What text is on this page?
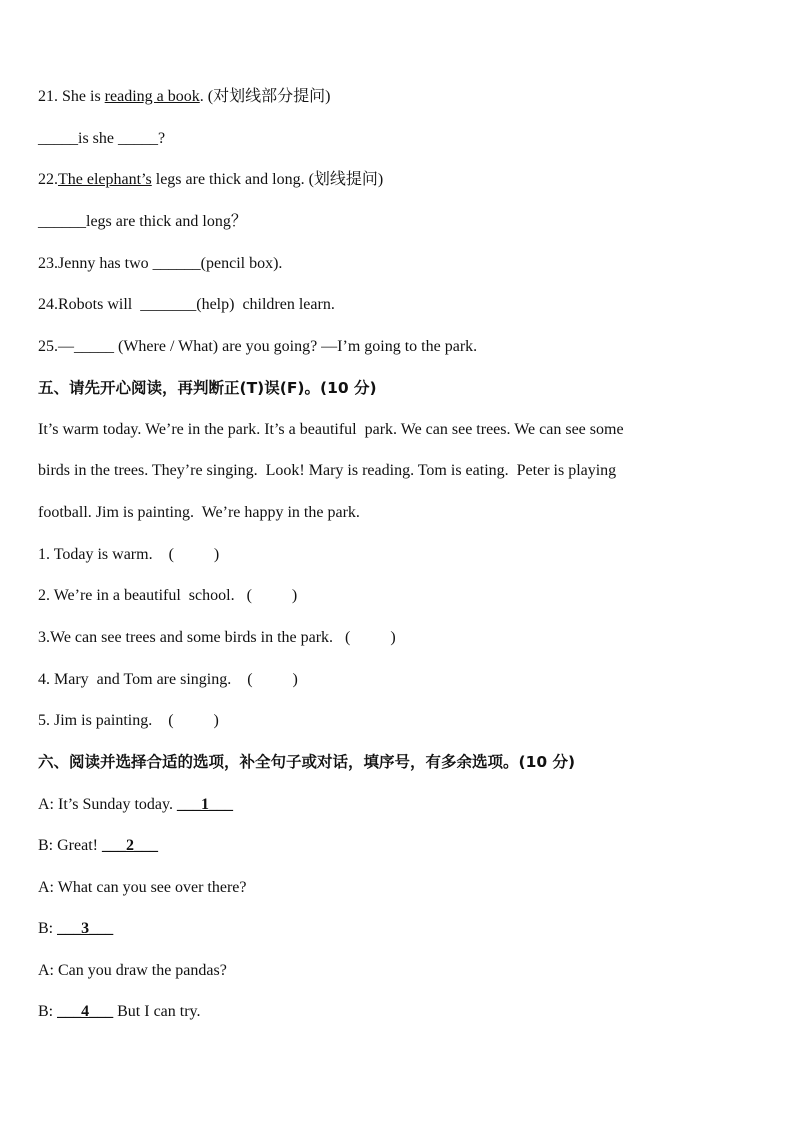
21. She is reading a book. (对划线部分提问)
_____is she _____?
22.The elephant’s legs are thick and long. (划线提问)
______legs are thick and long？
23.Jenny has two ______(pencil box).
24.Robots will  _______(help)  children learn.
25.—_____ (Where / What) are you going? —I’m going to the park.
五、请先开心阅读，再判断正(T)误(F)。(10 分)
It’s warm today. We’re in the park. It’s a beautiful  park. We can see trees. We can see some
birds in the trees. They’re singing.  Look! Mary is reading. Tom is eating.  Peter is playing
football. Jim is painting.  We’re happy in the park.
1. Today is warm.    (          )
2. We’re in a beautiful  school.   (          )
3.We can see trees and some birds in the park.   (          )
4. Mary  and Tom are singing.    (          )
5. Jim is painting.    (          )
六、阅读并选择合适的选项，补全句子或对话，填序号，有多余选项。(10 分)
A: It’s Sunday today. ___1___
B: Great! ___2___
A: What can you see over there?
B: ___3___
A: Can you draw the pandas?
B: ___4___ But I can try.
